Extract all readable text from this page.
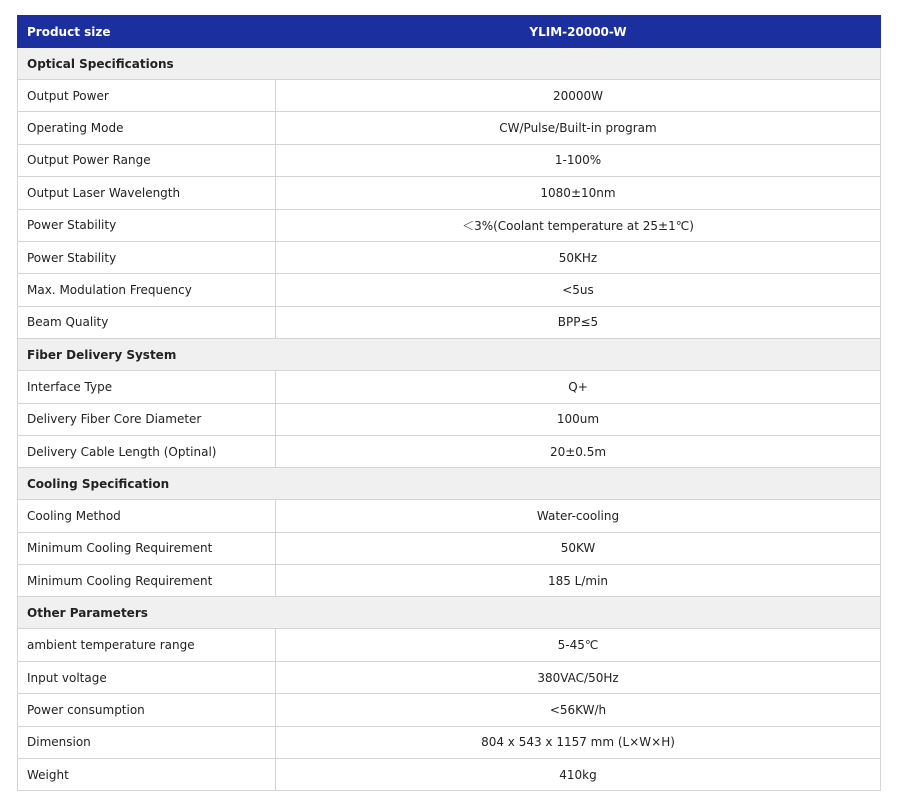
Product size	YLIM-20000-W
Optical Specifications	
Output Power	20000W
Operating Mode	CW/Pulse/Built-in program
Output Power Range	1-100%
Output Laser Wavelength	1080±10nm
Power Stability	＜3%(Coolant temperature at 25±1℃)
Power Stability	50KHz
Max. Modulation Frequency	<5us
Beam Quality	BPP≤5
Fiber Delivery System	
Interface Type	Q+
Delivery Fiber Core Diameter	100um
Delivery Cable Length (Optinal)	20±0.5m
Cooling Specification	
Cooling Method	Water-cooling
Minimum Cooling Requirement	50KW
Minimum Cooling Requirement	185 L/min
Other Parameters	
ambient temperature range	5-45℃
Input voltage	380VAC/50Hz
Power consumption	<56KW/h
Dimension	804 x 543 x 1157 mm (L×W×H)
Weight	410kg
